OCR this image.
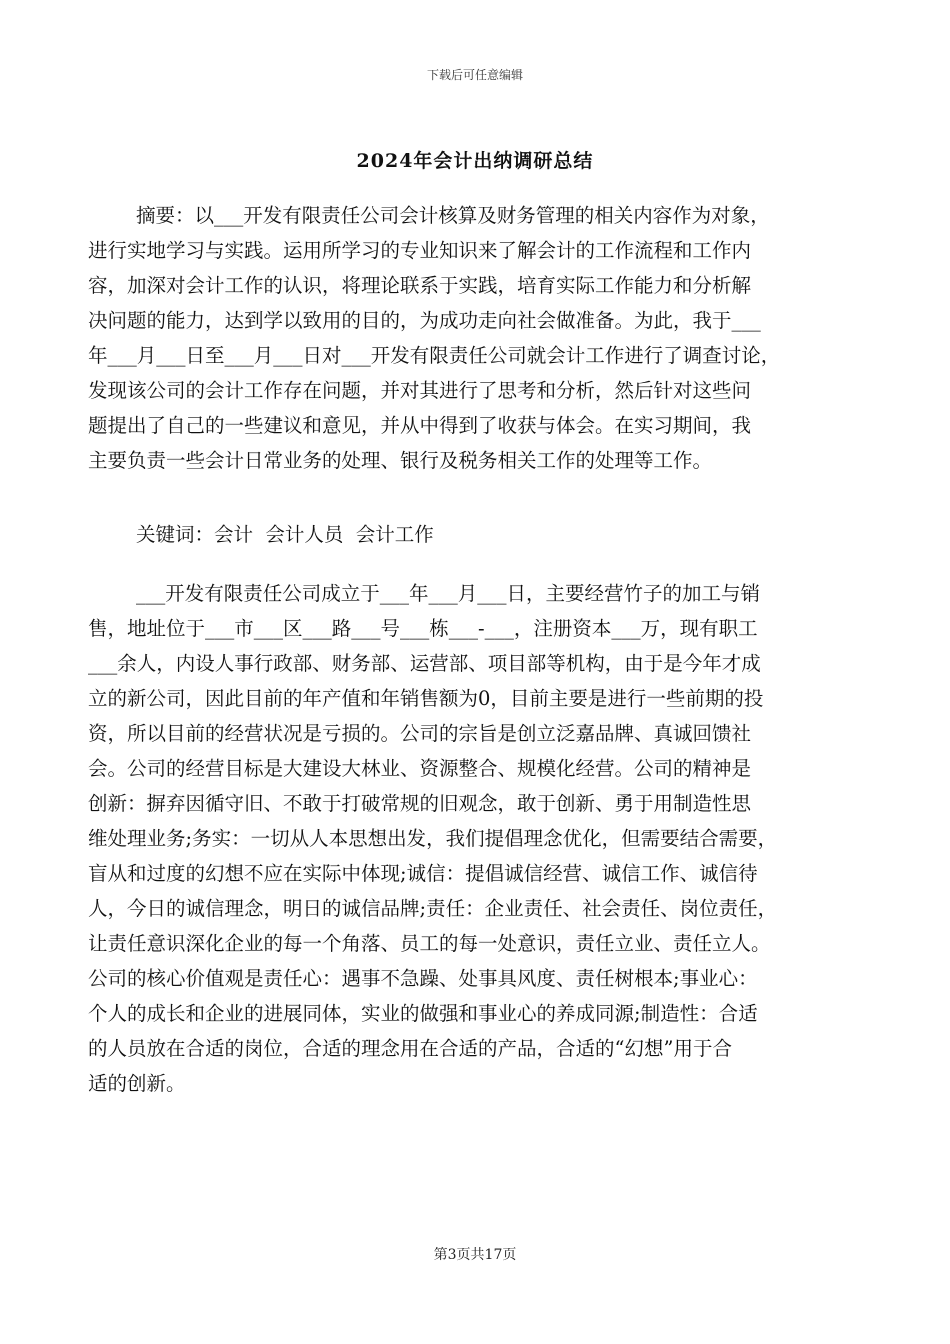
下载后可任意编辑
2024年会计出纳调研总结
摘要：以___开发有限责任公司会计核算及财务管理的相关内容作为对象，
进行实地学习与实践。运用所学习的专业知识来了解会计的工作流程和工作内
容，加深对会计工作的认识，将理论联系于实践，培育实际工作能力和分析解
决问题的能力，达到学以致用的目的，为成功走向社会做准备。为此，我于___
年___月___日至___月___日对___开发有限责任公司就会计工作进行了调查讨论，
发现该公司的会计工作存在问题，并对其进行了思考和分析，然后针对这些问
题提出了自己的一些建议和意见，并从中得到了收获与体会。在实习期间，我
主要负责一些会计日常业务的处理、银行及税务相关工作的处理等工作。
关键词：会计  会计人员  会计工作
___开发有限责任公司成立于___年___月___日，主要经营竹子的加工与销
售，地址位于___市___区___路___号___栋___-___，注册资本___万，现有职工
___余人，内设人事行政部、财务部、运营部、项目部等机构，由于是今年才成
立的新公司，因此目前的年产值和年销售额为0，目前主要是进行一些前期的投
资，所以目前的经营状况是亏损的。公司的宗旨是创立泛嘉品牌、真诚回馈社
会。公司的经营目标是大建设大林业、资源整合、规模化经营。公司的精神是
创新：摒弃因循守旧、不敢于打破常规的旧观念，敢于创新、勇于用制造性思
维处理业务;务实：一切从人本思想出发，我们提倡理念优化，但需要结合需要，
盲从和过度的幻想不应在实际中体现;诚信：提倡诚信经营、诚信工作、诚信待
人，今日的诚信理念，明日的诚信品牌;责任：企业责任、社会责任、岗位责任，
让责任意识深化企业的每一个角落、员工的每一处意识，责任立业、责任立人。
公司的核心价值观是责任心：遇事不急躁、处事具风度、责任树根本;事业心：
个人的成长和企业的进展同体，实业的做强和事业心的养成同源;制造性：合适
的人员放在合适的岗位，合适的理念用在合适的产品，合适的“幻想”用于合
适的创新。
第3页共17页
